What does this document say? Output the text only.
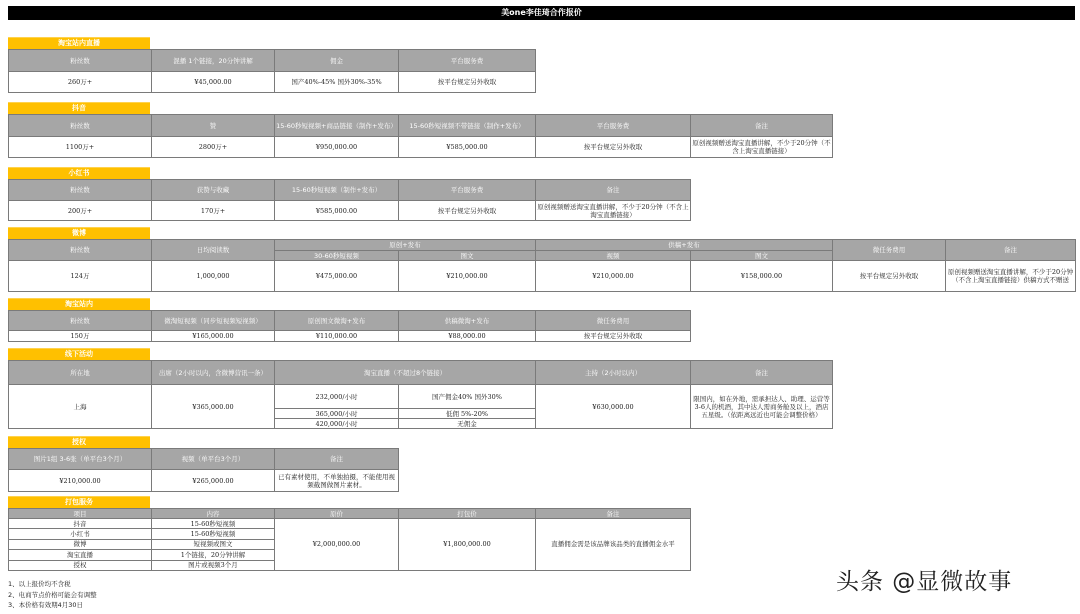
美one李佳琦合作报价
淘宝站内直播
粉丝数	混播 1个链接，20分钟讲解	佣金	平台服务费
260万+	¥45,000.00	国产40%-45% 国外30%-35%	按平台规定另外收取
抖音
粉丝数	赞	15-60秒短视频+商品链接（制作+发布）	15-60秒短视频不带链接（制作+发布）	平台服务费	备注
1100万+	2800万+	¥950,000.00	¥585,000.00	按平台规定另外收取	原创视频赠送淘宝直播讲解，不少于20分钟（不含上淘宝直播链接）
小红书
粉丝数	获赞与收藏	15-60秒短视频（制作+发布）	平台服务费	备注
200万+	170万+	¥585,000.00	按平台规定另外收取	原创视频赠送淘宝直播讲解，不少于20分钟（不含上淘宝直播链接）
微博
粉丝数	日均阅读数	原创+发布		供稿+发布		微任务费用	备注
		30-60秒短视频	图文	视频	图文		
124万	1,000,000	¥475,000.00	¥210,000.00	¥210,000.00	¥158,000.00	按平台规定另外收取	原创视频赠送淘宝直播讲解，不少于20分钟（不含上淘宝直播链接）供稿方式不赠送
淘宝站内
粉丝数	微淘短视频（同步短视频短视频）	原创图文微淘+发布	供稿微淘+发布	微任务费用
150万	¥165,000.00	¥110,000.00	¥88,000.00	按平台规定另外收取
线下活动
所在地	出席（2小时以内，含微博营讯一条）	淘宝直播（不超过8个链接）		主持（2小时以内）	备注
上海	¥365,000.00	232,000/小时	国产佣金40% 国外30%	¥630,000.00	限国内，如在外地，需承担达人、助理、运营等3-6人的机酒，其中达人需商务舱及以上，酒店五星级。（依距离远近也可能会调整价格）
		365,000/小时	低佣 5%-20%		
		420,000/小时	无佣金		
授权
图片1组 3-6张（单平台3个月）	视频（单平台3个月）	备注
¥210,000.00	¥265,000.00	已有素材使用，不单独拍摄，不能使用视频截图做图片素材。
打包服务
项目	内容	原价	打包价	备注
抖音	15-60秒短视频	¥2,000,000.00	¥1,800,000.00	直播佣金需是该品牌该品类的直播佣金水平
小红书	15-60秒短视频			
微博	短视频或图文			
淘宝直播	1个链接，20分钟讲解			
授权	图片或视频3个月			
1、以上报价均不含税
2、电商节点价格可能会有调整
3、本价格有效期4月30日
头条 @显微故事
